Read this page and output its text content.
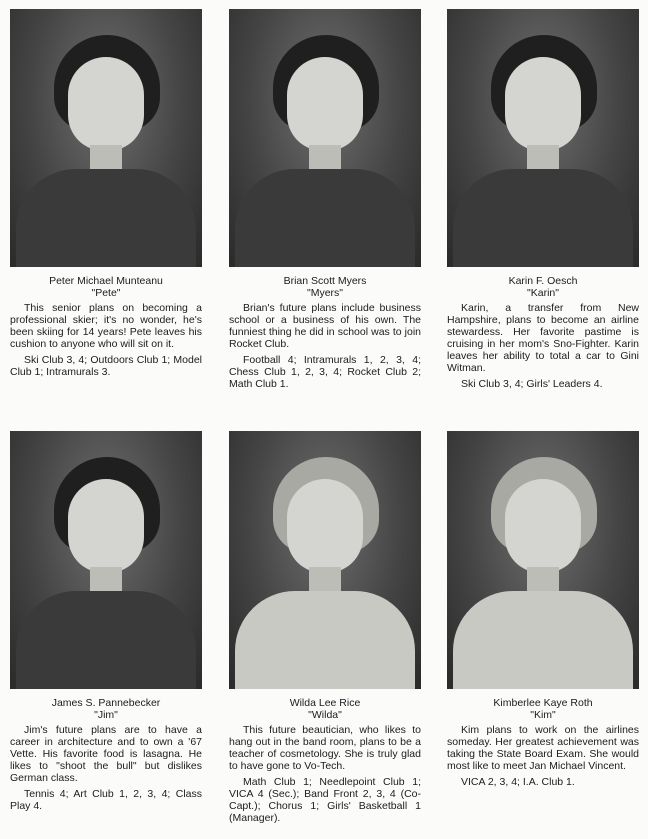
Peter Michael Munteanu
"Pete"

This senior plans on becoming a professional skier; it's no wonder, he's been skiing for 14 years! Pete leaves his cushion to anyone who will sit on it.

Ski Club 3, 4; Outdoors Club 1; Model Club 1; Intramurals 3.

Brian Scott Myers
"Myers"

Brian's future plans include business school or a business of his own. The funniest thing he did in school was to join Rocket Club.

Football 4; Intramurals 1, 2, 3, 4; Chess Club 1, 2, 3, 4; Rocket Club 2; Math Club 1.

Karin F. Oesch
"Karin"

Karin, a transfer from New Hampshire, plans to become an airline stewardess. Her favorite pastime is cruising in her mom's Sno-Fighter. Karin leaves her ability to total a car to Gini Witman.

Ski Club 3, 4; Girls' Leaders 4.

James S. Pannebecker
"Jim"

Jim's future plans are to have a career in architecture and to own a '67 Vette. His favorite food is lasagna. He likes to "shoot the bull" but dislikes German class.

Tennis 4; Art Club 1, 2, 3, 4; Class Play 4.

Wilda Lee Rice
"Wilda"

This future beautician, who likes to hang out in the band room, plans to be a teacher of cosmetology. She is truly glad to have gone to Vo-Tech.

Math Club 1; Needlepoint Club 1; VICA 4 (Sec.); Band Front 2, 3, 4 (Co-Capt.); Chorus 1; Girls' Basketball 1 (Manager).

Kimberlee Kaye Roth
"Kim"

Kim plans to work on the airlines someday. Her greatest achievement was taking the State Board Exam. She would most like to meet Jan Michael Vincent.

VICA 2, 3, 4; I.A. Club 1.
